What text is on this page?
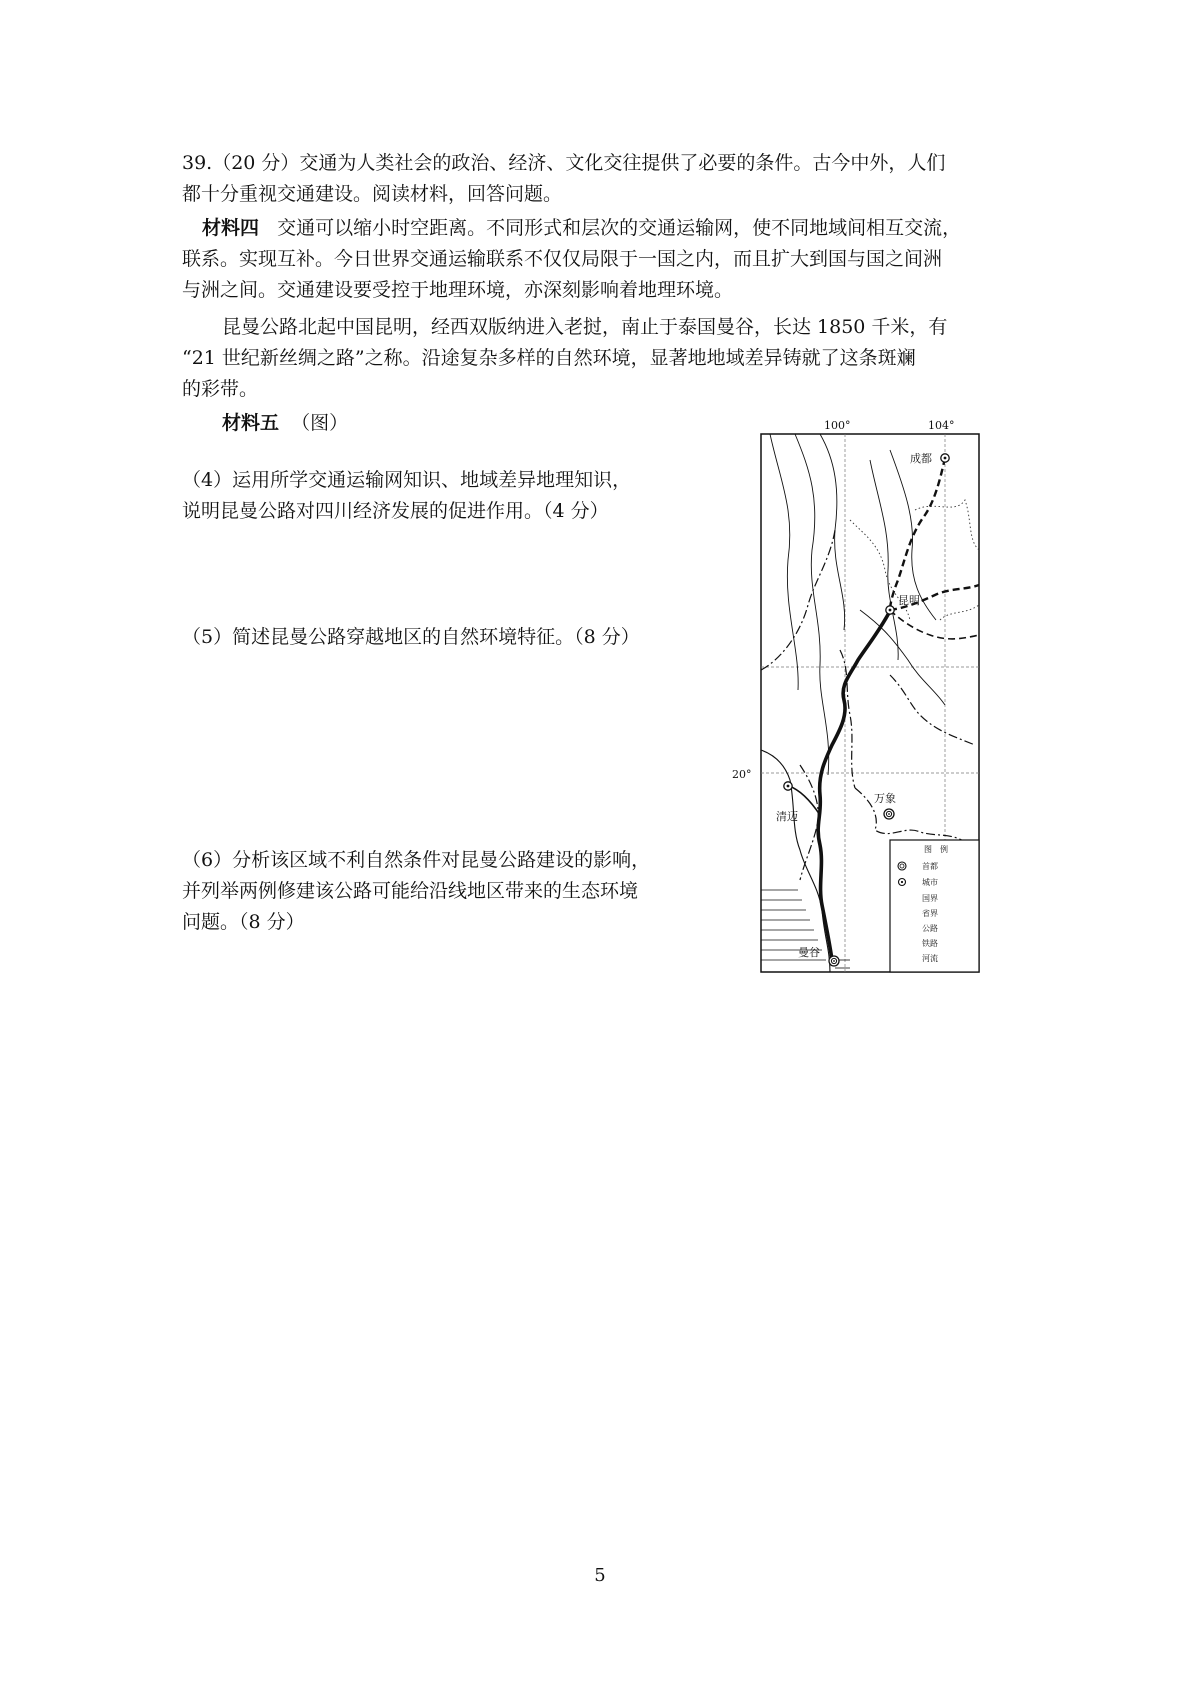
39.（20 分）交通为人类社会的政治、经济、文化交往提供了必要的条件。古今中外，人们
都十分重视交通建设。阅读材料，回答问题。
材料四 交通可以缩小时空距离。不同形式和层次的交通运输网，使不同地域间相互交流，
联系。实现互补。今日世界交通运输联系不仅仅局限于一国之内，而且扩大到国与国之间洲
与洲之间。交通建设要受控于地理环境，亦深刻影响着地理环境。
昆曼公路北起中国昆明，经西双版纳进入老挝，南止于泰国曼谷，长达 1850 千米，有
“21 世纪新丝绸之路”之称。沿途复杂多样的自然环境，显著地地域差异铸就了这条斑斓
的彩带。
材料五 （图）
（4）运用所学交通运输网知识、地域差异地理知识，
说明昆曼公路对四川经济发展的促进作用。（4 分）
（5）简述昆曼公路穿越地区的自然环境特征。（8 分）
（6）分析该区域不利自然条件对昆曼公路建设的影响，
并列举两例修建该公路可能给沿线地区带来的生态环境
问题。（8 分）
100°	104°
20°
成都
昆明
万象
清迈
曼谷
图　例
首都
城市
国界
省界
公路
铁路
河流
5
